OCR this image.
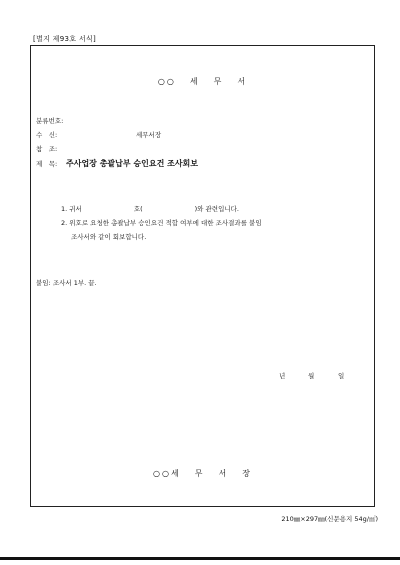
[별지 제93호 서식]
○○ 세 무 서
분류번호:
수　신:	세무서장
참　조:
제　목: 주사업장 총괄납부 승인요건 조사회보
1. 귀서　　　　　　　　호(　　　　　　　　)와 관련입니다.
2. 위호로 요청한 총괄납부 승인요건 적합 여부에 대한 조사결과를 붙임
조사서와 같이 회보합니다.
붙임: 조사서 1부. 끝.
년	월	일
○○세 무 서 장
210㎜×297㎜(신문용지 54g/㎡)
